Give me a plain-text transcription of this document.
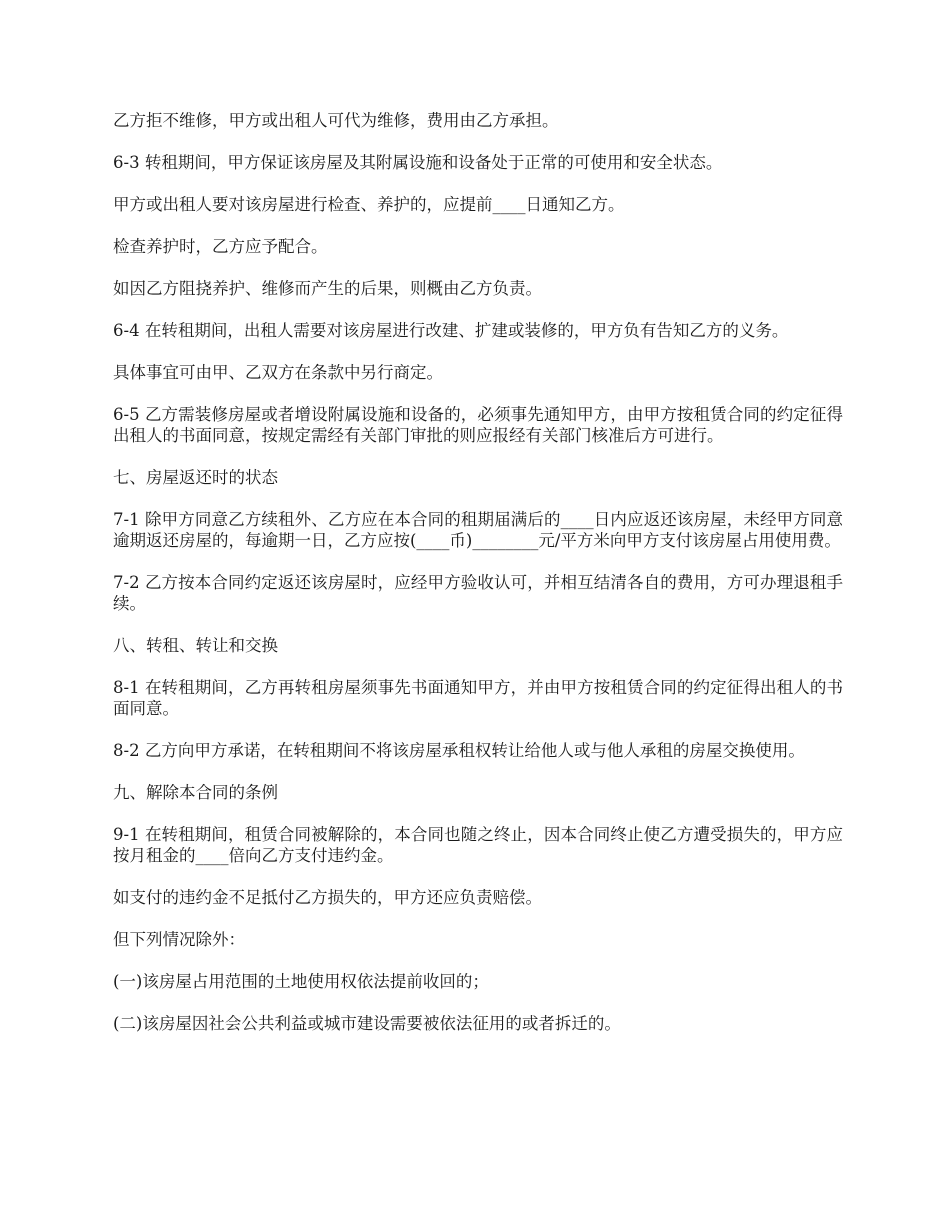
乙方拒不维修，甲方或出租人可代为维修，费用由乙方承担。

6-3 转租期间，甲方保证该房屋及其附属设施和设备处于正常的可使用和安全状态。

甲方或出租人要对该房屋进行检查、养护的，应提前____日通知乙方。

检查养护时，乙方应予配合。

如因乙方阻挠养护、维修而产生的后果，则概由乙方负责。

6-4 在转租期间，出租人需要对该房屋进行改建、扩建或装修的，甲方负有告知乙方的义务。

具体事宜可由甲、乙双方在条款中另行商定。

6-5 乙方需装修房屋或者增设附属设施和设备的，必须事先通知甲方，由甲方按租赁合同的约定征得出租人的书面同意，按规定需经有关部门审批的则应报经有关部门核准后方可进行。

七、房屋返还时的状态

7-1 除甲方同意乙方续租外、乙方应在本合同的租期届满后的____日内应返还该房屋，未经甲方同意逾期返还房屋的，每逾期一日，乙方应按(____币)________元/平方米向甲方支付该房屋占用使用费。

7-2 乙方按本合同约定返还该房屋时，应经甲方验收认可，并相互结清各自的费用，方可办理退租手续。

八、转租、转让和交换

8-1 在转租期间，乙方再转租房屋须事先书面通知甲方，并由甲方按租赁合同的约定征得出租人的书面同意。

8-2 乙方向甲方承诺，在转租期间不将该房屋承租权转让给他人或与他人承租的房屋交换使用。

九、解除本合同的条例

9-1 在转租期间，租赁合同被解除的，本合同也随之终止，因本合同终止使乙方遭受损失的，甲方应按月租金的____倍向乙方支付违约金。

如支付的违约金不足抵付乙方损失的，甲方还应负责赔偿。

但下列情况除外：

(一)该房屋占用范围的土地使用权依法提前收回的；

(二)该房屋因社会公共利益或城市建设需要被依法征用的或者拆迁的。
